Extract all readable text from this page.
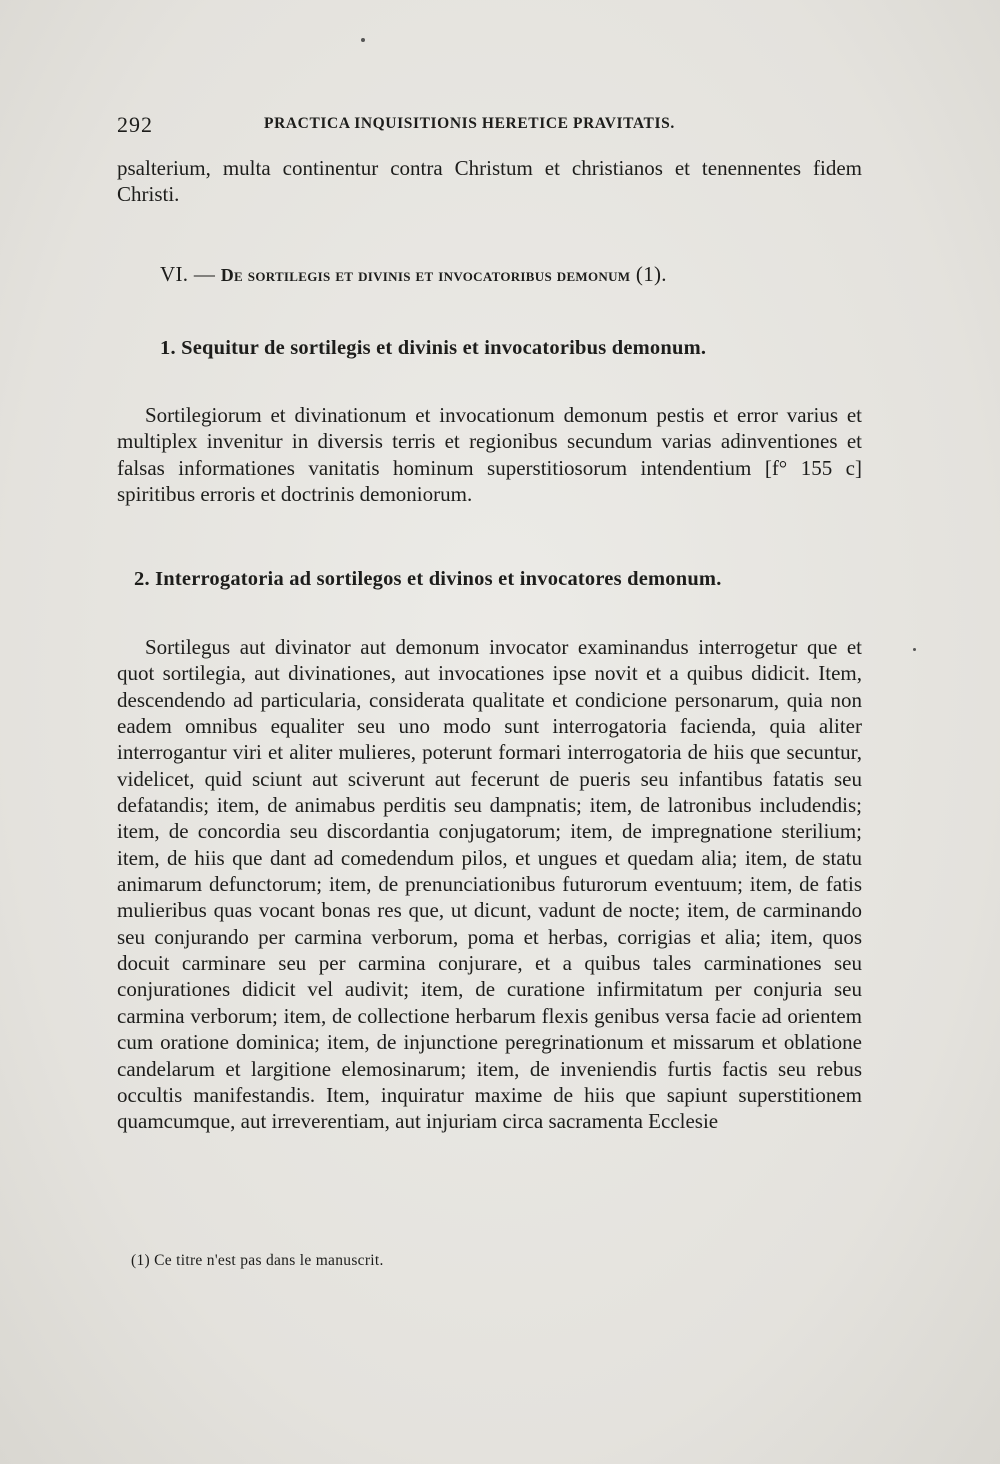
292	PRACTICA INQUISITIONIS HERETICE PRAVITATIS.
psalterium, multa continentur contra Christum et christianos et tenennentes fidem Christi.
VI. — De sortilegis et divinis et invocatoribus demonum (1).
1. Sequitur de sortilegis et divinis et invocatoribus demonum.
Sortilegiorum et divinationum et invocationum demonum pestis et error varius et multiplex invenitur in diversis terris et regionibus secundum varias adinventiones et falsas informationes vanitatis hominum superstitiosorum intendentium [f° 155 c] spiritibus erroris et doctrinis demoniorum.
2. Interrogatoria ad sortilegos et divinos et invocatores demonum.
Sortilegus aut divinator aut demonum invocator examinandus interrogetur que et quot sortilegia, aut divinationes, aut invocationes ipse novit et a quibus didicit. Item, descendendo ad particularia, considerata qualitate et condicione personarum, quia non eadem omnibus equaliter seu uno modo sunt interrogatoria facienda, quia aliter interrogantur viri et aliter mulieres, poterunt formari interrogatoria de hiis que secuntur, videlicet, quid sciunt aut sciverunt aut fecerunt de pueris seu infantibus fatatis seu defatandis; item, de animabus perditis seu dampnatis; item, de latronibus includendis; item, de concordia seu discordantia conjugatorum; item, de impregnatione sterilium; item, de hiis que dant ad comedendum pilos, et ungues et quedam alia; item, de statu animarum defunctorum; item, de prenunciationibus futurorum eventuum; item, de fatis mulieribus quas vocant bonas res que, ut dicunt, vadunt de nocte; item, de carminando seu conjurando per carmina verborum, poma et herbas, corrigias et alia; item, quos docuit carminare seu per carmina conjurare, et a quibus tales carminationes seu conjurationes didicit vel audivit; item, de curatione infirmitatum per conjuria seu carmina verborum; item, de collectione herbarum flexis genibus versa facie ad orientem cum oratione dominica; item, de injunctione peregrinationum et missarum et oblatione candelarum et largitione elemosinarum; item, de inveniendis furtis factis seu rebus occultis manifestandis. Item, inquiratur maxime de hiis que sapiunt superstitionem quamcumque, aut irreverentiam, aut injuriam circa sacramenta Ecclesie
(1) Ce titre n'est pas dans le manuscrit.
